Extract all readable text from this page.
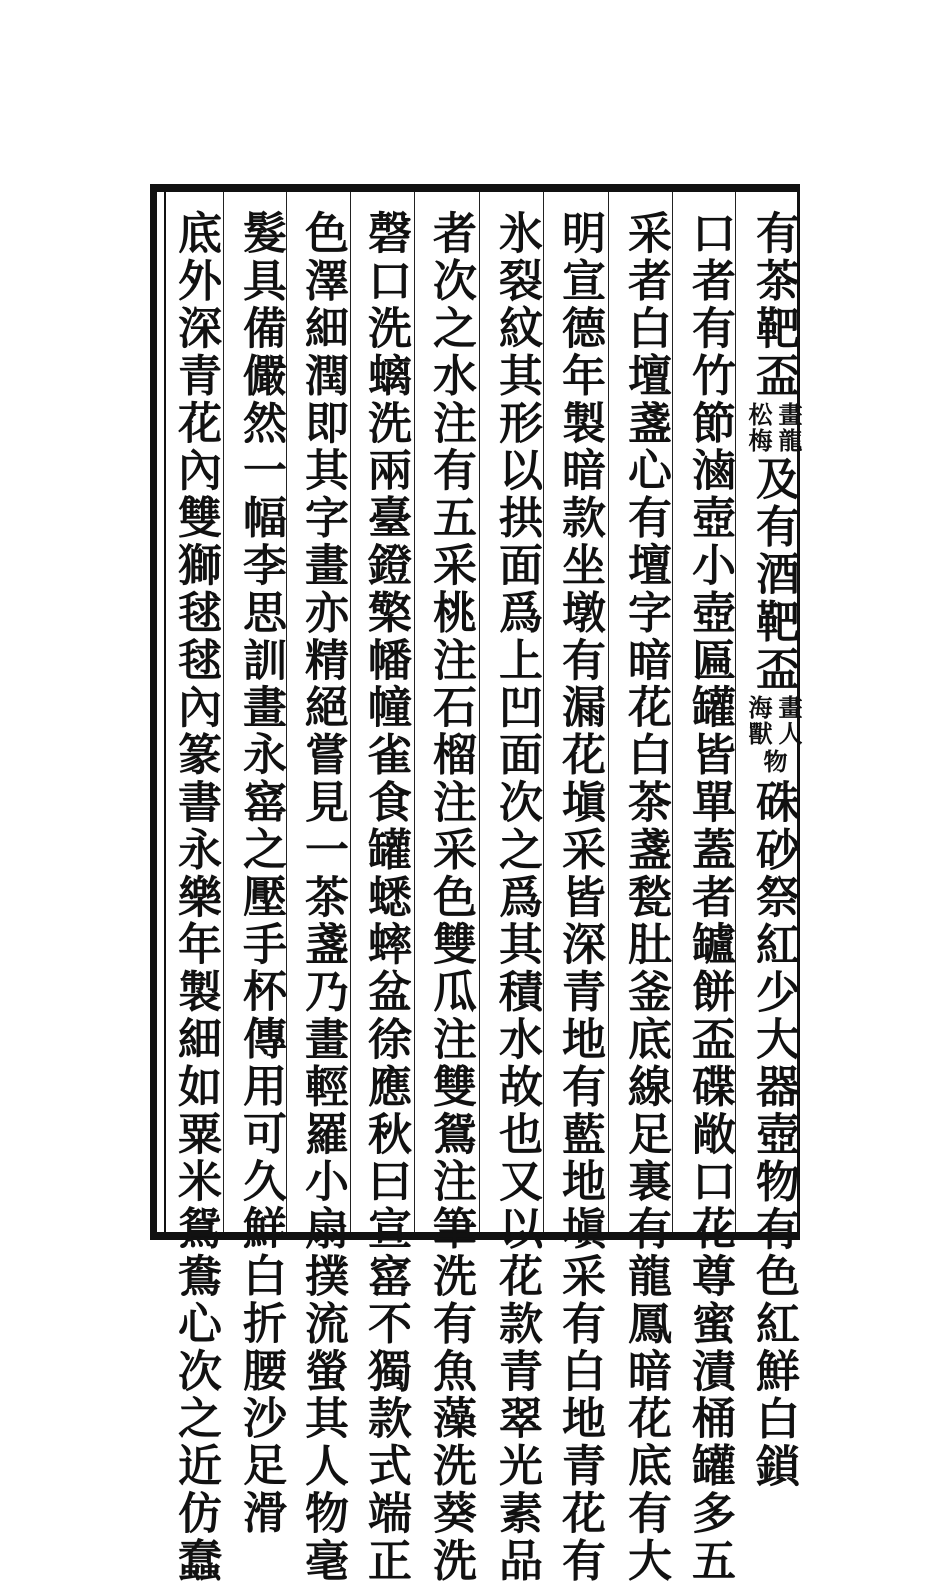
有茶靶盃
畫龍
松梅
及有酒靶盃
畫人
海獸
物
硃砂祭紅少大器壺物有色紅鮮白鎖
口者有竹節滷壺小壺匾罐皆單蓋者罏餅盃碟敞口花尊蜜漬桶罐多五
采者白壇盞心有壇字暗花白茶盞甃肚釜底線足裏有龍鳳暗花底有大
明宣德年製暗款坐墩有漏花塡采皆深青地有藍地塡采有白地青花有
氷裂紋其形以拱面爲上凹面次之爲其積水故也又以花款青翠光素品
者次之水注有五采桃注石榴注采色雙瓜注雙鴛注筆洗有魚藻洗葵洗
磬口洗螭洗兩臺鐙檠幡幢雀食罐蟋蟀盆徐應秋曰宣窰不獨款式端正
色澤細潤即其字畫亦精絕嘗見一茶盞乃畫輕羅小扇撲流螢其人物毫
髮具備儼然一幅李思訓畫
永窰之壓手杯傳用可久鮮白折腰沙足滑
底外深青花內雙獅毬毬內篆書永樂年製細如粟米鴛鴦心次之近仿蠢
